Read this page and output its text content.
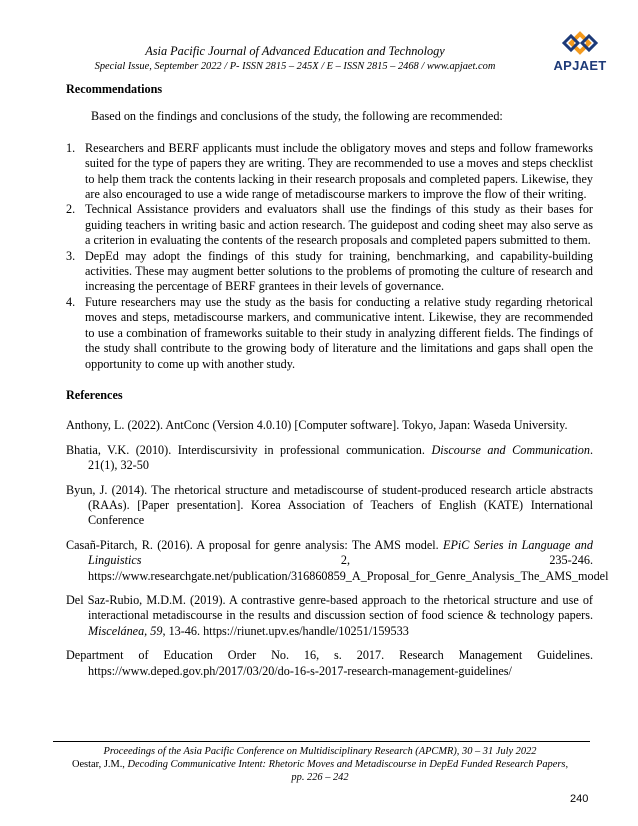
Asia Pacific Journal of Advanced Education and Technology
Special Issue, September 2022 / P- ISSN 2815 – 245X / E – ISSN 2815 – 2468 / www.apjaet.com	APJAET
Recommendations
Based on the findings and conclusions of the study, the following are recommended:
1. Researchers and BERF applicants must include the obligatory moves and steps and follow frameworks suited for the type of papers they are writing. They are recommended to use a moves and steps checklist to help them track the contents lacking in their research proposals and completed papers. Likewise, they are also encouraged to use a wide range of metadiscourse markers to improve the flow of their writing.
2. Technical Assistance providers and evaluators shall use the findings of this study as their bases for guiding teachers in writing basic and action research. The guidepost and coding sheet may also serve as a criterion in evaluating the contents of the research proposals and completed papers submitted to them.
3. DepEd may adopt the findings of this study for training, benchmarking, and capability-building activities. These may augment better solutions to the problems of promoting the culture of research and increasing the percentage of BERF grantees in their levels of governance.
4. Future researchers may use the study as the basis for conducting a relative study regarding rhetorical moves and steps, metadiscourse markers, and communicative intent. Likewise, they are recommended to use a combination of frameworks suitable to their study in analyzing different fields. The findings of the study shall contribute to the growing body of literature and the limitations and gaps shall open the opportunity to come up with another study.
References
Anthony, L. (2022). AntConc (Version 4.0.10) [Computer software]. Tokyo, Japan: Waseda University.
Bhatia, V.K. (2010). Interdiscursivity in professional communication. Discourse and Communication. 21(1), 32-50
Byun, J. (2014). The rhetorical structure and metadiscourse of student-produced research article abstracts (RAAs). [Paper presentation]. Korea Association of Teachers of English (KATE) International Conference
Casañ-Pitarch, R. (2016). A proposal for genre analysis: The AMS model. EPiC Series in Language and Linguistics 2, 235-246. https://www.researchgate.net/publication/316860859_A_Proposal_for_Genre_Analysis_The_AMS_model
Del Saz-Rubio, M.D.M. (2019). A contrastive genre-based approach to the rhetorical structure and use of interactional metadiscourse in the results and discussion section of food science & technology papers. Miscelánea, 59, 13-46. https://riunet.upv.es/handle/10251/159533
Department of Education Order No. 16, s. 2017. Research Management Guidelines. https://www.deped.gov.ph/2017/03/20/do-16-s-2017-research-management-guidelines/
Proceedings of the Asia Pacific Conference on Multidisciplinary Research (APCMR), 30 – 31 July 2022
Oestar, J.M., Decoding Communicative Intent: Rhetoric Moves and Metadiscourse in DepEd Funded Research Papers,
pp. 226 – 242
240
